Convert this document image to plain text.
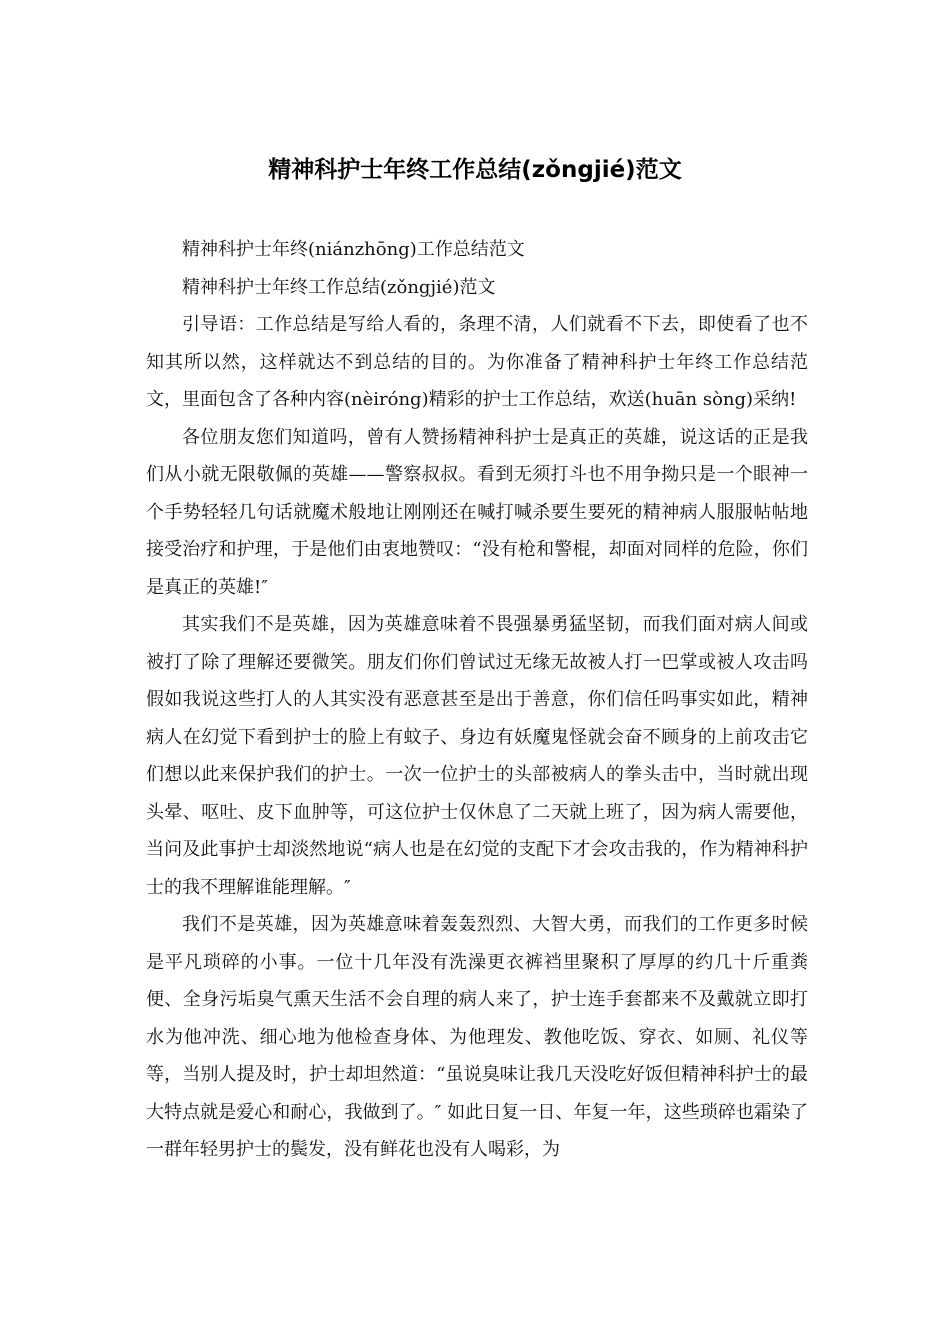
精神科护士年终工作总结(zǒngjié)范文

精神科护士年终(niánzhōng)工作总结范文

精神科护士年终工作总结(zǒngjié)范文

引导语：工作总结是写给人看的，条理不清，人们就看不下去，即使看了也不知其所以然，这样就达不到总结的目的。为你准备了精神科护士年终工作总结范文，里面包含了各种内容(nèiróng)精彩的护士工作总结，欢送(huān sòng)采纳!

各位朋友您们知道吗，曾有人赞扬精神科护士是真正的英雄，说这话的正是我们从小就无限敬佩的英雄——警察叔叔。看到无须打斗也不用争拗只是一个眼神一个手势轻轻几句话就魔术般地让刚刚还在喊打喊杀要生要死的精神病人服服帖帖地接受治疗和护理，于是他们由衷地赞叹：“没有枪和警棍，却面对同样的危险，你们是真正的英雄!″

其实我们不是英雄，因为英雄意味着不畏强暴勇猛坚韧，而我们面对病人间或被打了除了理解还要微笑。朋友们你们曾试过无缘无故被人打一巴掌或被人攻击吗假如我说这些打人的人其实没有恶意甚至是出于善意，你们信任吗事实如此，精神病人在幻觉下看到护士的脸上有蚊子、身边有妖魔鬼怪就会奋不顾身的上前攻击它们想以此来保护我们的护士。一次一位护士的头部被病人的拳头击中，当时就出现头晕、呕吐、皮下血肿等，可这位护士仅休息了二天就上班了，因为病人需要他，当问及此事护士却淡然地说“病人也是在幻觉的支配下才会攻击我的，作为精神科护士的我不理解谁能理解。″

我们不是英雄，因为英雄意味着轰轰烈烈、大智大勇，而我们的工作更多时候是平凡琐碎的小事。一位十几年没有洗澡更衣裤裆里聚积了厚厚的约几十斤重粪便、全身污垢臭气熏天生活不会自理的病人来了，护士连手套都来不及戴就立即打水为他冲洗、细心地为他检查身体、为他理发、教他吃饭、穿衣、如厕、礼仪等等，当别人提及时，护士却坦然道：“虽说臭味让我几天没吃好饭但精神科护士的最大特点就是爱心和耐心，我做到了。″ 如此日复一日、年复一年，这些琐碎也霜染了一群年轻男护士的鬓发，没有鲜花也没有人喝彩，为
